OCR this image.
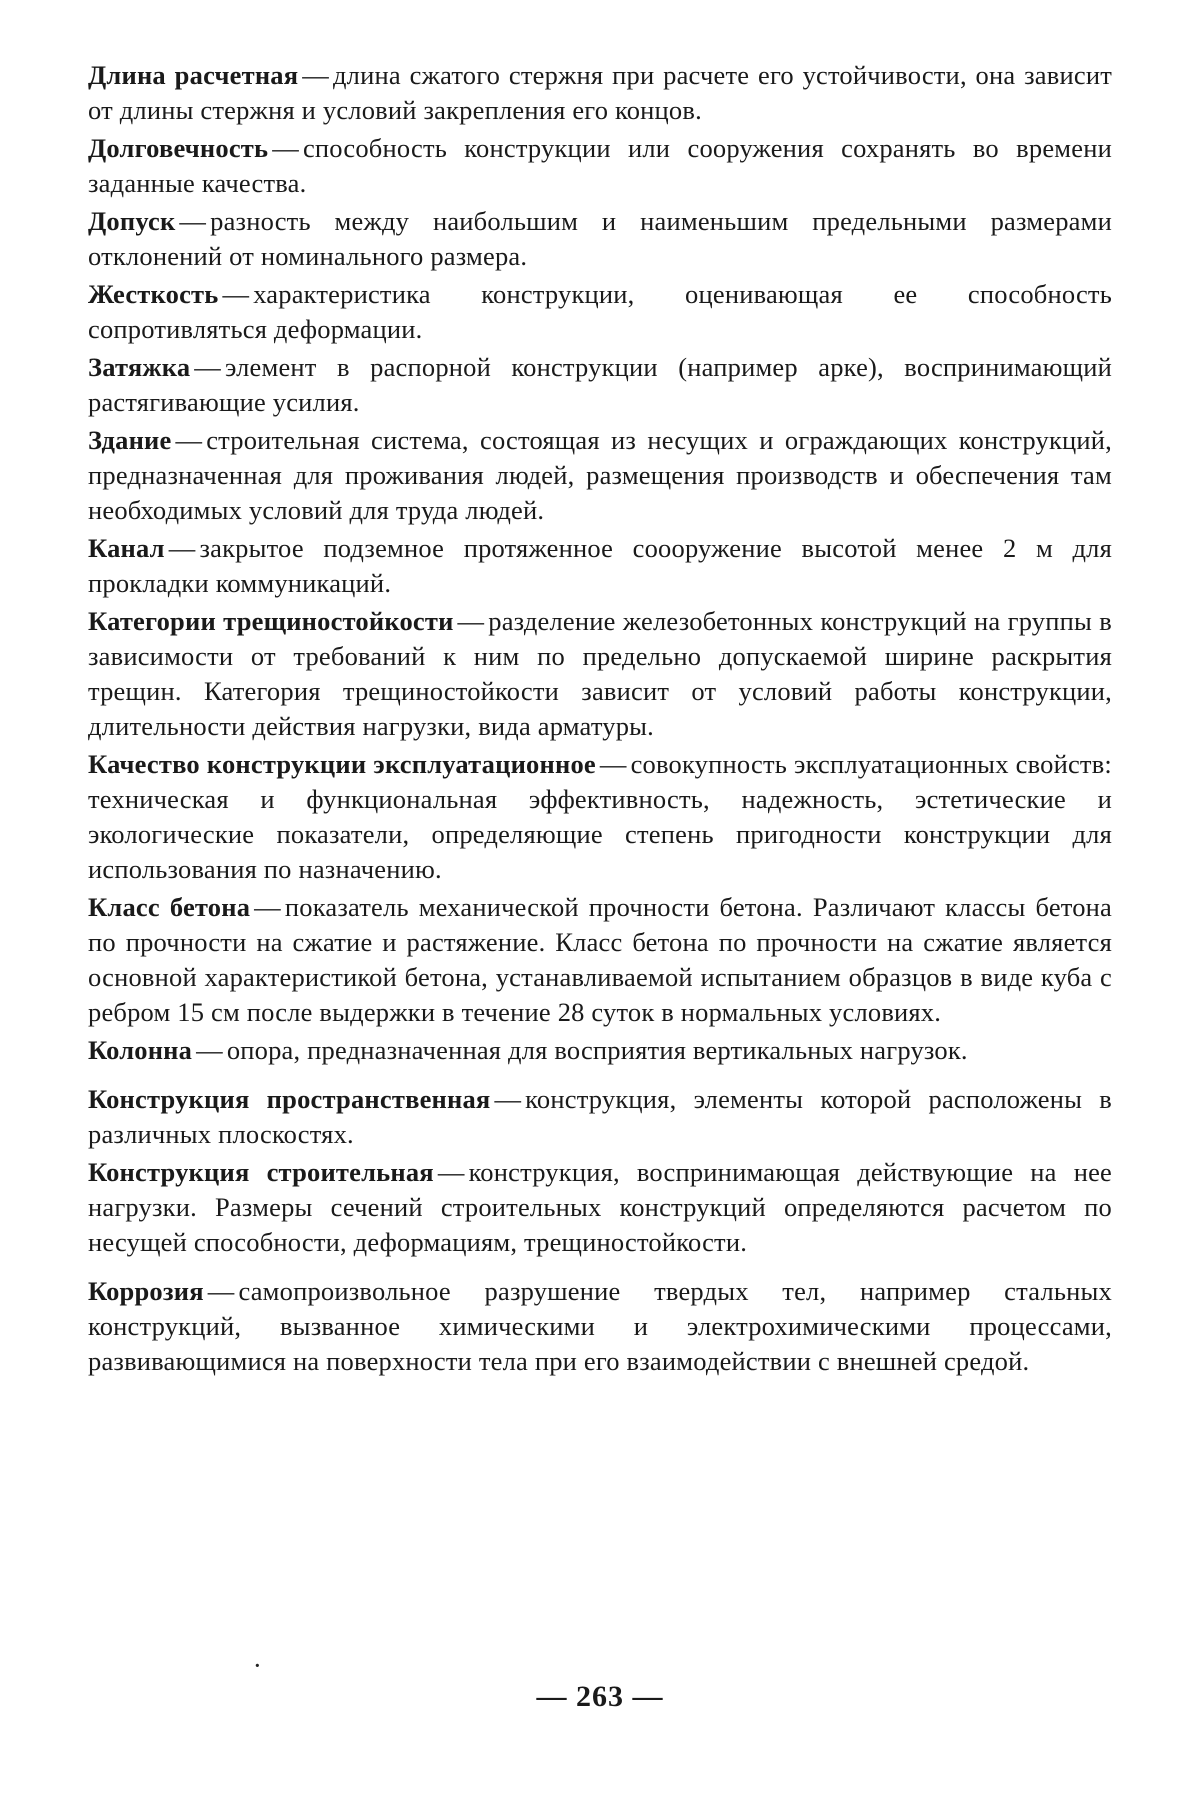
Длина расчетная — длина сжатого стержня при расчете его устойчивости, она зависит от длины стержня и условий закрепления его концов.

Долговечность — способность конструкции или сооружения сохранять во времени заданные качества.

Допуск — разность между наибольшим и наименьшим предельными размерами отклонений от номинального размера.

Жесткость — характеристика конструкции, оценивающая ее способность сопротивляться деформации.

Затяжка — элемент в распорной конструкции (например арке), воспринимающий растягивающие усилия.

Здание — строительная система, состоящая из несущих и ограждающих конструкций, предназначенная для проживания людей, размещения производств и обеспечения там необходимых условий для труда людей.

Канал — закрытое подземное протяженное соооружение высотой менее 2 м для прокладки коммуникаций.

Категории трещиностойкости — разделение железобетонных конструкций на группы в зависимости от требований к ним по предельно допускаемой ширине раскрытия трещин. Категория трещиностойкости зависит от условий работы конструкции, длительности действия нагрузки, вида арматуры.

Качество конструкции эксплуатационное — совокупность эксплуатационных свойств: техническая и функциональная эффективность, надежность, эстетические и экологические показатели, определяющие степень пригодности конструкции для использования по назначению.

Класс бетона — показатель механической прочности бетона. Различают классы бетона по прочности на сжатие и растяжение. Класс бетона по прочности на сжатие является основной характеристикой бетона, устанавливаемой испытанием образцов в виде куба с ребром 15 см после выдержки в течение 28 суток в нормальных условиях.

Колонна — опора, предназначенная для восприятия вертикальных нагрузок.

Конструкция пространственная — конструкция, элементы которой расположены в различных плоскостях.

Конструкция строительная — конструкция, воспринимающая действующие на нее нагрузки. Размеры сечений строительных конструкций определяются расчетом по несущей способности, деформациям, трещиностойкости.

Коррозия — самопроизвольное разрушение твердых тел, например стальных конструкций, вызванное химическими и электрохимическими процессами, развивающимися на поверхности тела при его взаимодействии с внешней средой.

·
— 263 —
